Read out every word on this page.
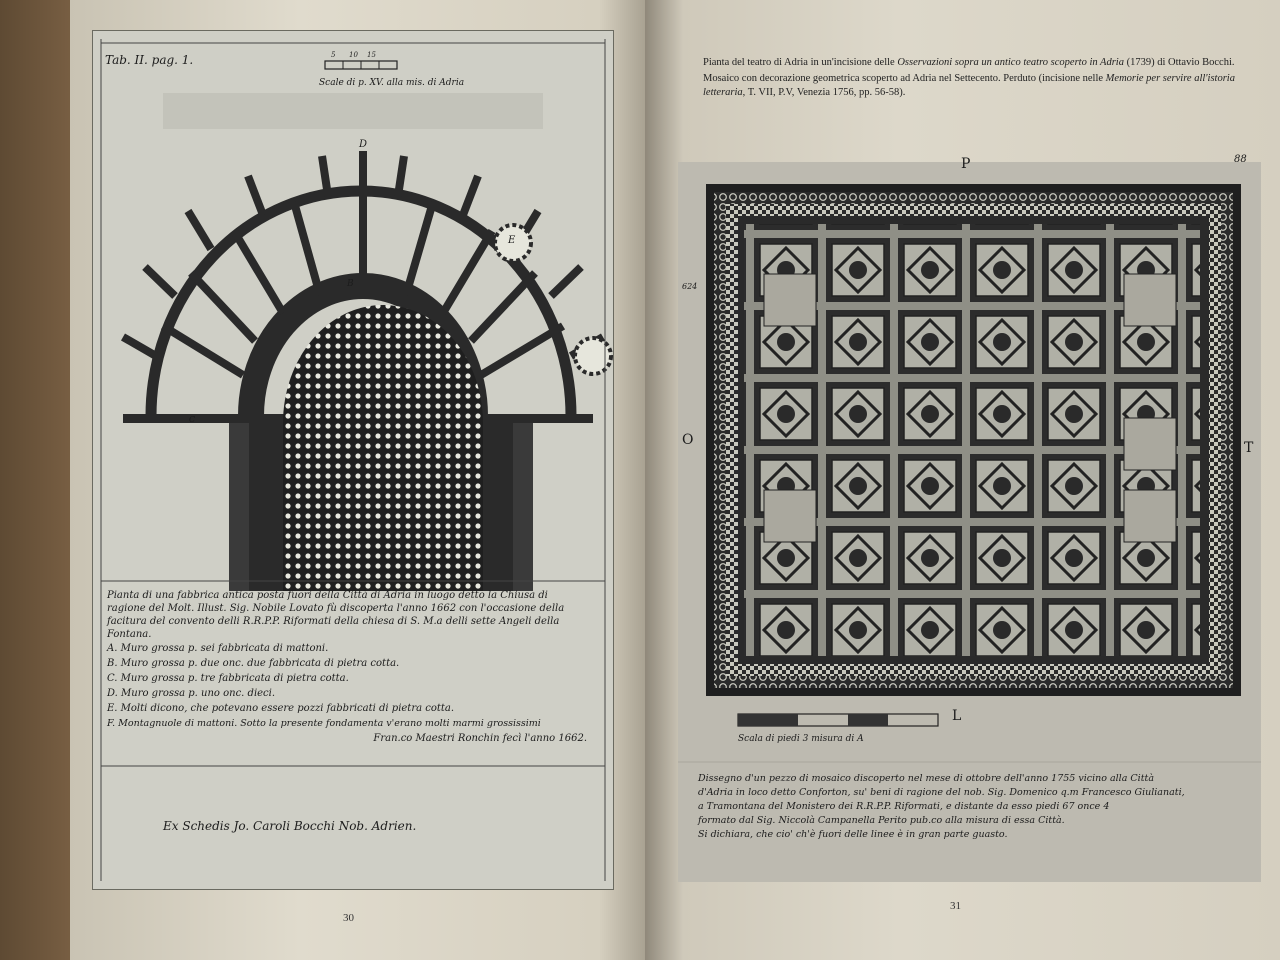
Tab. II. pag. 1.
Scale di p. XV. alla mis. di Adria
5 10 15
D
A
B
C
E
Pianta di una fabbrica antica posta fuori della Città di Adria in luogo detto la Chiusa di
ragione del Molt. Illust. Sig. Nobile Lovato fù discoperta l'anno 1662 con l'occasione della
facitura del convento delli R.R.P.P. Riformati della chiesa di S. M.a delli sette Angeli della
Fontana.
A. Muro grossa p. sei fabbricata di mattoni.
B. Muro grossa p. due onc. due fabbricata di pietra cotta.
C. Muro grossa p. tre fabbricata di pietra cotta.
D. Muro grossa p. uno onc. dieci.
E. Molti dicono, che potevano essere pozzi fabbricati di pietra cotta.
F. Montagnuole di mattoni. Sotto la presente fondamenta v'erano molti marmi grossissimi
Fran.co Maestri Ronchin fecì l'anno 1662.
Ex Schedis Jo. Caroli Bocchi Nob. Adrien.
30
Pianta del teatro di Adria in un'incisione delle Osservazioni sopra un antico teatro scoperto in Adria (1739) di Ottavio Bocchi.
Mosaico con decorazione geometrica scoperto ad Adria nel Settecento. Perduto (incisione nelle Memorie per servire all'istoria letteraria, T. VII, P.V, Venezia 1756, pp. 56-58).
P
O	T
L
88
624
Scala di piedi 3 misura di A
Dissegno d'un pezzo di mosaico discoperto nel mese di ottobre dell'anno 1755 vicino alla Città
d'Adria in loco detto Conforton, su' beni di ragione del nob. Sig. Domenico q.m Francesco Giulianati,
a Tramontana del Monistero dei R.R.P.P. Riformati, e distante da esso piedi 67 once 4
formato dal Sig. Niccolà Campanella Perito pub.co alla misura di essa Città.
Si dichiara, che cio' ch'è fuori delle linee è in gran parte guasto.
31
